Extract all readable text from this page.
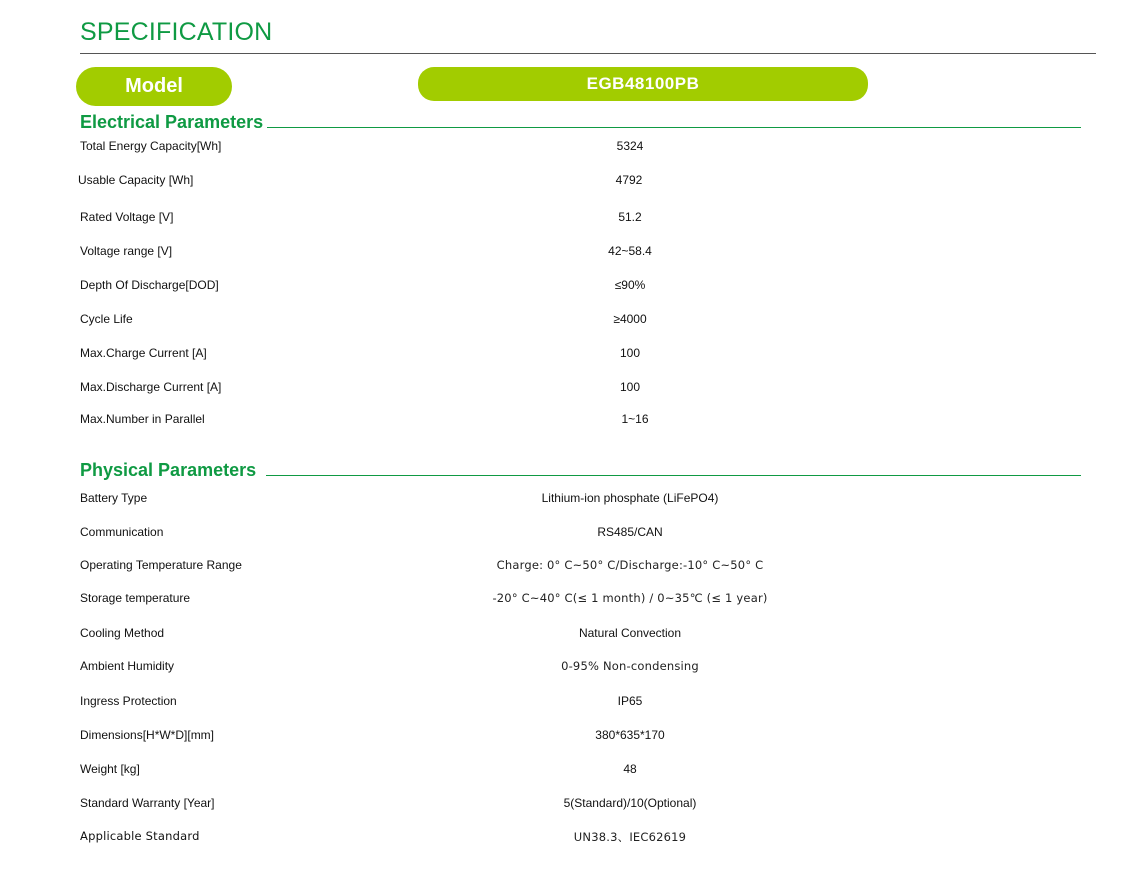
SPECIFICATION
Model	EGB48100PB
Electrical Parameters
Total Energy Capacity[Wh]	5324
Usable Capacity [Wh]	4792
Rated Voltage [V]	51.2
Voltage range [V]	42~58.4
Depth Of Discharge[DOD]	≤90%
Cycle Life	≥4000
Max.Charge Current [A]	100
Max.Discharge Current [A]	100
Max.Number in Parallel	1~16
Physical Parameters
Battery Type	Lithium-ion phosphate (LiFePO4)
Communication	RS485/CAN
Operating Temperature Range	Charge: 0° C~50° C/Discharge:-10° C~50° C
Storage temperature	-20° C~40° C(≤ 1 month) / 0~35℃ (≤ 1 year)
Cooling Method	Natural Convection
Ambient Humidity	0-95% Non-condensing
Ingress Protection	IP65
Dimensions[H*W*D][mm]	380*635*170
Weight [kg]	48
Standard Warranty [Year]	5(Standard)/10(Optional)
Applicable Standard	UN38.3、IEC62619
